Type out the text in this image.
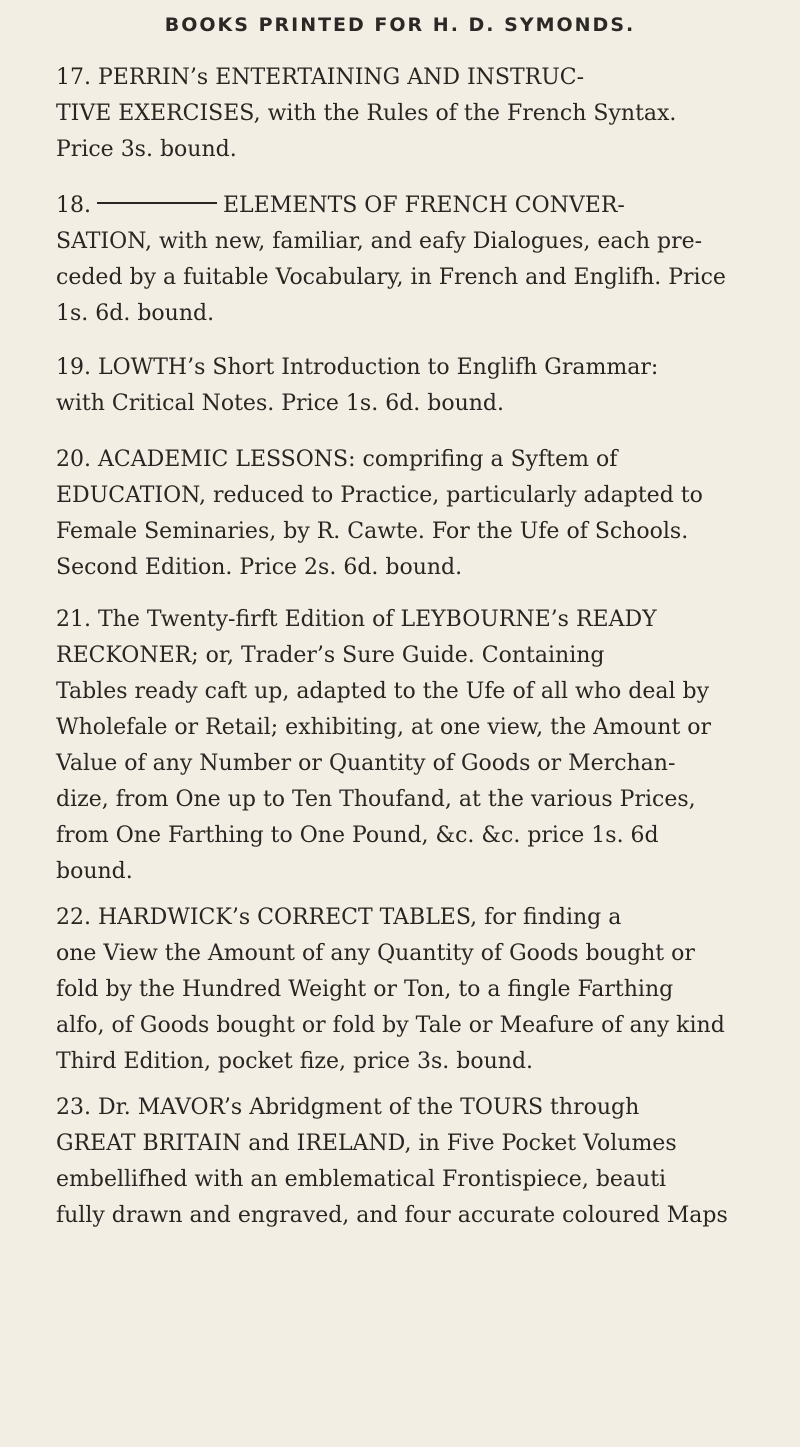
BOOKS PRINTED FOR H. D. SYMONDS.
17. PERRIN’s ENTERTAINING AND INSTRUC-
TIVE EXERCISES, with the Rules of the French Syntax.
Price 3s. bound.
18.	ELEMENTS OF FRENCH CONVER-
SATION, with new, familiar, and eafy Dialogues, each pre-
ceded by a fuitable Vocabulary, in French and Englifh. Price
1s. 6d. bound.
19. LOWTH’s Short Introduction to Englifh Grammar:
with Critical Notes. Price 1s. 6d. bound.
20. ACADEMIC LESSONS: comprifing a Syftem of
EDUCATION, reduced to Practice, particularly adapted to
Female Seminaries, by R. Cawte. For the Ufe of Schools.
Second Edition. Price 2s. 6d. bound.
21. The Twenty-firft Edition of LEYBOURNE’s READY
RECKONER; or, Trader’s Sure Guide. Containing
Tables ready caft up, adapted to the Ufe of all who deal by
Wholefale or Retail; exhibiting, at one view, the Amount or
Value of any Number or Quantity of Goods or Merchan-
dize, from One up to Ten Thoufand, at the various Prices,
from One Farthing to One Pound, &c. &c. price 1s. 6d
bound.
22. HARDWICK’s CORRECT TABLES, for finding a
one View the Amount of any Quantity of Goods bought or
fold by the Hundred Weight or Ton, to a fingle Farthing
alfo, of Goods bought or fold by Tale or Meafure of any kind
Third Edition, pocket fize, price 3s. bound.
23. Dr. MAVOR’s Abridgment of the TOURS through
GREAT BRITAIN and IRELAND, in Five Pocket Volumes
embellifhed with an emblematical Frontispiece, beauti
fully drawn and engraved, and four accurate coloured Maps
